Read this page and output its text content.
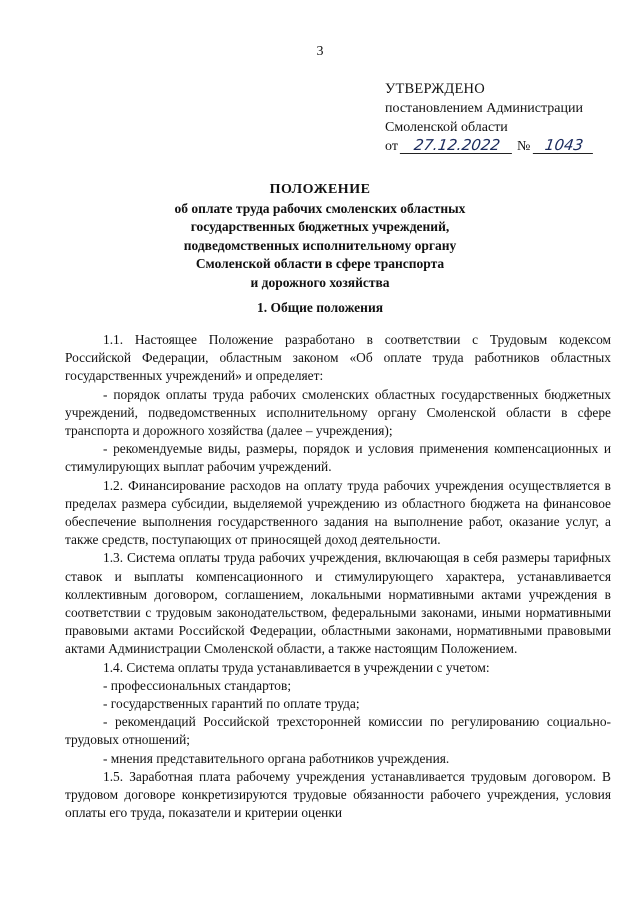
3
УТВЕРЖДЕНО
постановлением Администрации
Смоленской области
от 27.12.2022 № 1043
ПОЛОЖЕНИЕ
об оплате труда рабочих смоленских областных
государственных бюджетных учреждений,
подведомственных исполнительному органу
Смоленской области в сфере транспорта
и дорожного хозяйства
1. Общие положения

1.1. Настоящее Положение разработано в соответствии с Трудовым кодексом Российской Федерации, областным законом «Об оплате труда работников областных государственных учреждений» и определяет:

- порядок оплаты труда рабочих смоленских областных государственных бюджетных учреждений, подведомственных исполнительному органу Смоленской области в сфере транспорта и дорожного хозяйства (далее – учреждения);

- рекомендуемые виды, размеры, порядок и условия применения компенсационных и стимулирующих выплат рабочим учреждений.

1.2. Финансирование расходов на оплату труда рабочих учреждения осуществляется в пределах размера субсидии, выделяемой учреждению из областного бюджета на финансовое обеспечение выполнения государственного задания на выполнение работ, оказание услуг, а также средств, поступающих от приносящей доход деятельности.

1.3. Система оплаты труда рабочих учреждения, включающая в себя размеры тарифных ставок и выплаты компенсационного и стимулирующего характера, устанавливается коллективным договором, соглашением, локальными нормативными актами учреждения в соответствии с трудовым законодательством, федеральными законами, иными нормативными правовыми актами Российской Федерации, областными законами, нормативными правовыми актами Администрации Смоленской области, а также настоящим Положением.

1.4. Система оплаты труда устанавливается в учреждении с учетом:

- профессиональных стандартов;

- государственных гарантий по оплате труда;

- рекомендаций Российской трехсторонней комиссии по регулированию социально-трудовых отношений;

- мнения представительного органа работников учреждения.

1.5. Заработная плата рабочему учреждения устанавливается трудовым договором. В трудовом договоре конкретизируются трудовые обязанности рабочего учреждения, условия оплаты его труда, показатели и критерии оценки
